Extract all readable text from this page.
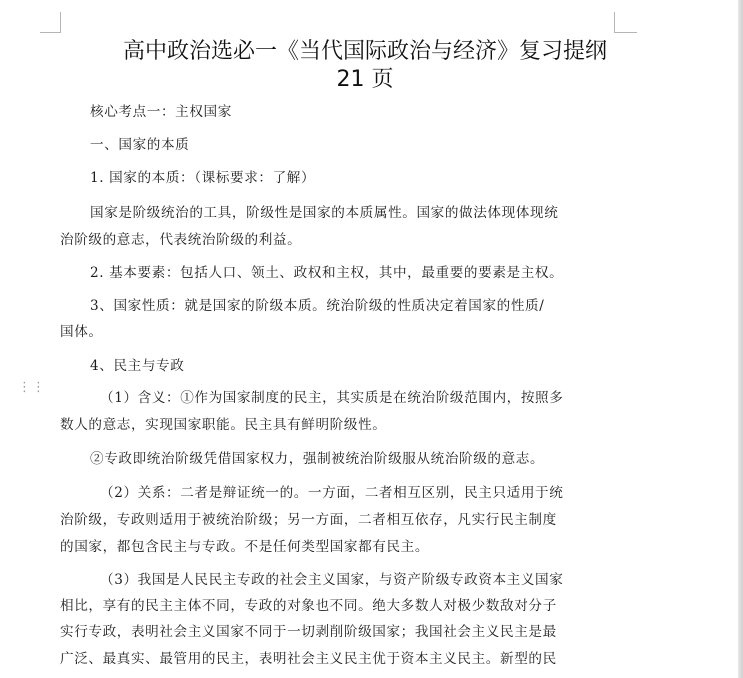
⋮⋮
高中政治选必一《当代国际政治与经济》复习提纲
21 页
核心考点一：主权国家
一、国家的本质
1. 国家的本质：（课标要求：了解）
国家是阶级统治的工具，阶级性是国家的本质属性。国家的做法体现体现统
治阶级的意志，代表统治阶级的利益。
2. 基本要素：包括人口、领土、政权和主权，其中，最重要的要素是主权。
3、国家性质：就是国家的阶级本质。统治阶级的性质决定着国家的性质/
国体。
4、民主与专政
（1）含义：①作为国家制度的民主，其实质是在统治阶级范围内，按照多
数人的意志，实现国家职能。民主具有鲜明阶级性。
②专政即统治阶级凭借国家权力，强制被统治阶级服从统治阶级的意志。
（2）关系：二者是辩证统一的。一方面，二者相互区别，民主只适用于统
治阶级，专政则适用于被统治阶级；另一方面，二者相互依存，凡实行民主制度
的国家，都包含民主与专政。不是任何类型国家都有民主。
（3）我国是人民民主专政的社会主义国家，与资产阶级专政资本主义国家
相比，享有的民主主体不同，专政的对象也不同。绝大多数人对极少数敌对分子
实行专政，表明社会主义国家不同于一切剥削阶级国家；我国社会主义民主是最
广泛、最真实、最管用的民主，表明社会主义民主优于资本主义民主。新型的民
